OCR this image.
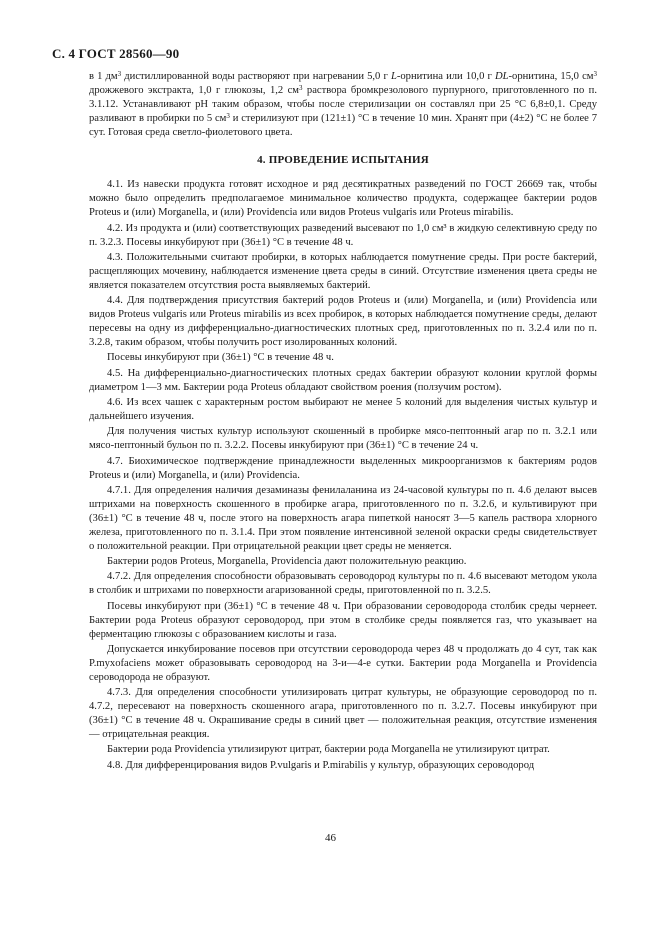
С. 4 ГОСТ 28560—90

в 1 $дм^3$ дистиллированной воды растворяют при нагревании 5,0 г L-орнитина или 10,0 г DL-орнитина, 15,0 $см^3$ дрожжевого экстракта, 1,0 г глюкозы, 1,2 $см^3$ раствора бромкрезолового пурпурного, приготовленного по п. 3.1.12. Устанавливают рН таким образом, чтобы после стерилизации он составлял при 25 °С 6,8±0,1. Среду разливают в пробирки по 5 $см^3$ и стерилизуют при (121±1) °С в течение 10 мин. Хранят при (4±2) °С не более 7 сут. Готовая среда светло-фиолетового цвета.

4. ПРОВЕДЕНИЕ ИСПЫТАНИЯ

4.1. Из навески продукта готовят исходное и ряд десятикратных разведений по ГОСТ 26669 так, чтобы можно было определить предполагаемое минимальное количество продукта, содержащее бактерии родов Proteus и (или) Morganella, и (или) Providencia или видов Proteus vulgaris или Proteus mirabilis.

4.2. Из продукта и (или) соответствующих разведений высевают по 1,0 см³ в жидкую селективную среду по п. 3.2.3. Посевы инкубируют при (36±1) °С в течение 48 ч.

4.3. Положительными считают пробирки, в которых наблюдается помутнение среды. При росте бактерий, расщепляющих мочевину, наблюдается изменение цвета среды в синий. Отсутствие изменения цвета среды не является показателем отсутствия роста выявляемых бактерий.

4.4. Для подтверждения присутствия бактерий родов Proteus и (или) Morganella, и (или) Providencia или видов Proteus vulgaris или Proteus mirabilis из всех пробирок, в которых наблюдается помутнение среды, делают пересевы на одну из дифференциально-диагностических плотных сред, приготовленных по п. 3.2.4 или по п. 3.2.8, таким образом, чтобы получить рост изолированных колоний.

Посевы инкубируют при (36±1) °С в течение 48 ч.

4.5. На дифференциально-диагностических плотных средах бактерии образуют колонии круглой формы диаметром 1—3 мм. Бактерии рода Proteus обладают свойством роения (ползучим ростом).

4.6. Из всех чашек с характерным ростом выбирают не менее 5 колоний для выделения чистых культур и дальнейшего изучения.

Для получения чистых культур используют скошенный в пробирке мясо-пептонный агар по п. 3.2.1 или мясо-пептонный бульон по п. 3.2.2. Посевы инкубируют при (36±1) °С в течение 24 ч.

4.7. Биохимическое подтверждение принадлежности выделенных микроорганизмов к бактериям родов Proteus и (или) Morganella, и (или) Providencia.

4.7.1. Для определения наличия дезаминазы фенилаланина из 24-часовой культуры по п. 4.6 делают высев штрихами на поверхность скошенного в пробирке агара, приготовленного по п. 3.2.6, и культивируют при (36±1) °С в течение 48 ч, после этого на поверхность агара пипеткой наносят 3—5 капель раствора хлорного железа, приготовленного по п. 3.1.4. При этом появление интенсивной зеленой окраски среды свидетельствует о положительной реакции. При отрицательной реакции цвет среды не меняется.

Бактерии родов Proteus, Morganella, Providencia дают положительную реакцию.

4.7.2. Для определения способности образовывать сероводород культуры по п. 4.6 высевают методом укола в столбик и штрихами по поверхности агаризованной среды, приготовленной по п. 3.2.5.

Посевы инкубируют при (36±1) °С в течение 48 ч. При образовании сероводорода столбик среды чернеет. Бактерии рода Proteus образуют сероводород, при этом в столбике среды появляется газ, что указывает на ферментацию глюкозы с образованием кислоты и газа.

Допускается инкубирование посевов при отсутствии сероводорода через 48 ч продолжать до 4 сут, так как P.myxofaciens может образовывать сероводород на 3-и—4-е сутки. Бактерии рода Morganella и Providencia сероводорода не образуют.

4.7.3. Для определения способности утилизировать цитрат культуры, не образующие сероводород по п. 4.7.2, пересевают на поверхность скошенного агара, приготовленного по п. 3.2.7. Посевы инкубируют при (36±1) °С в течение 48 ч. Окрашивание среды в синий цвет — положительная реакция, отсутствие изменения — отрицательная реакция.

Бактерии рода Providencia утилизируют цитрат, бактерии рода Morganella не утилизируют цитрат.

4.8. Для дифференцирования видов P.vulgaris и P.mirabilis у культур, образующих сероводород

46
